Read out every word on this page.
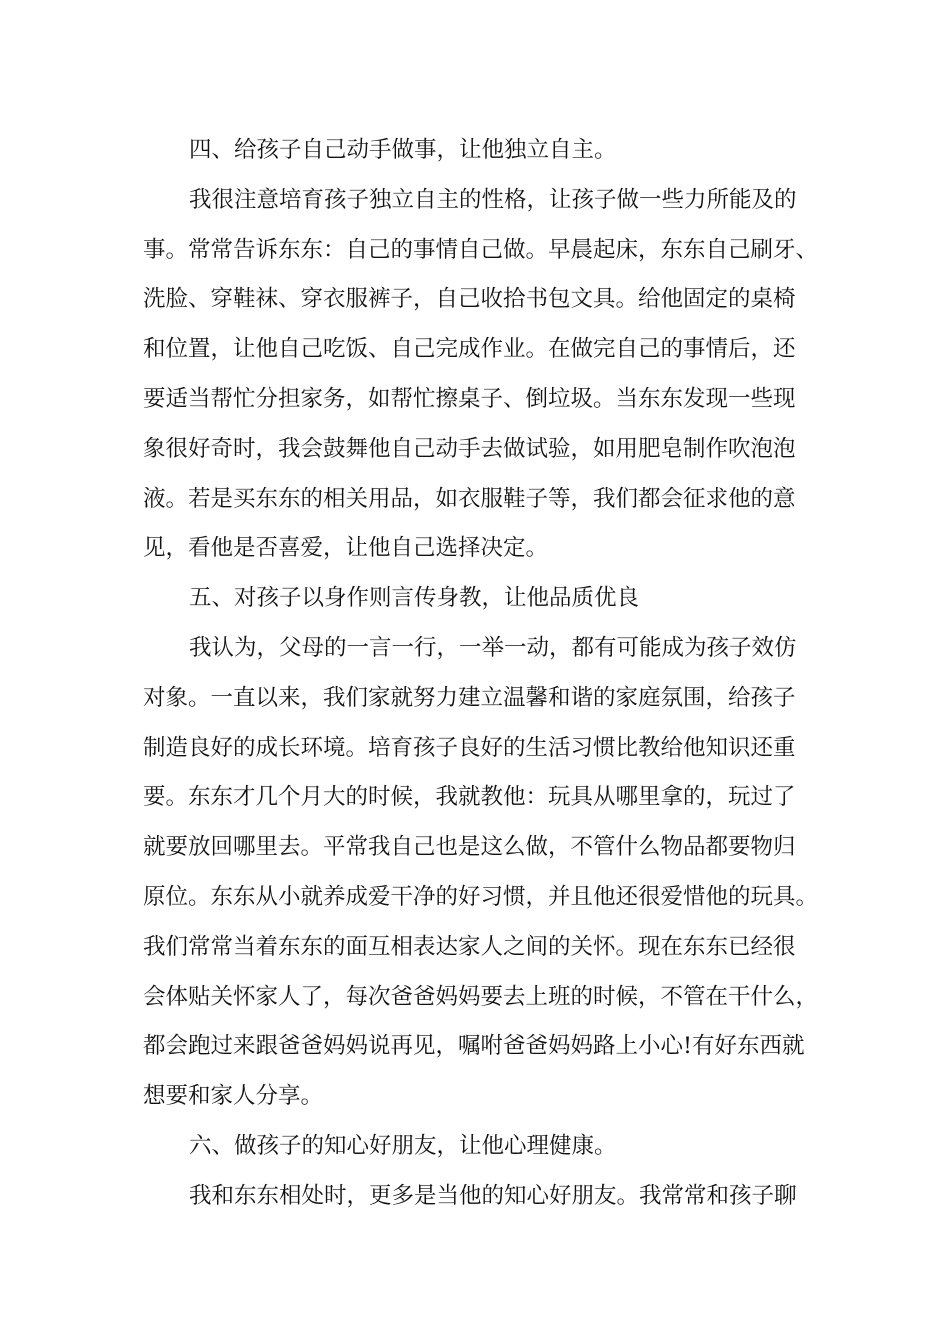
四、给孩子自己动手做事，让他独立自主。
我很注意培育孩子独立自主的性格，让孩子做一些力所能及的
事。常常告诉东东：自己的事情自己做。早晨起床，东东自己刷牙、
洗脸、穿鞋袜、穿衣服裤子，自己收拾书包文具。给他固定的桌椅
和位置，让他自己吃饭、自己完成作业。在做完自己的事情后，还
要适当帮忙分担家务，如帮忙擦桌子、倒垃圾。当东东发现一些现
象很好奇时，我会鼓舞他自己动手去做试验，如用肥皂制作吹泡泡
液。若是买东东的相关用品，如衣服鞋子等，我们都会征求他的意
见，看他是否喜爱，让他自己选择决定。
五、对孩子以身作则言传身教，让他品质优良
我认为，父母的一言一行，一举一动，都有可能成为孩子效仿
对象。一直以来，我们家就努力建立温馨和谐的家庭氛围，给孩子
制造良好的成长环境。培育孩子良好的生活习惯比教给他知识还重
要。东东才几个月大的时候，我就教他：玩具从哪里拿的，玩过了
就要放回哪里去。平常我自己也是这么做，不管什么物品都要物归
原位。东东从小就养成爱干净的好习惯，并且他还很爱惜他的玩具。
我们常常当着东东的面互相表达家人之间的关怀。现在东东已经很
会体贴关怀家人了，每次爸爸妈妈要去上班的时候，不管在干什么，
都会跑过来跟爸爸妈妈说再见，嘱咐爸爸妈妈路上小心!有好东西就
想要和家人分享。
六、做孩子的知心好朋友，让他心理健康。
我和东东相处时，更多是当他的知心好朋友。我常常和孩子聊
